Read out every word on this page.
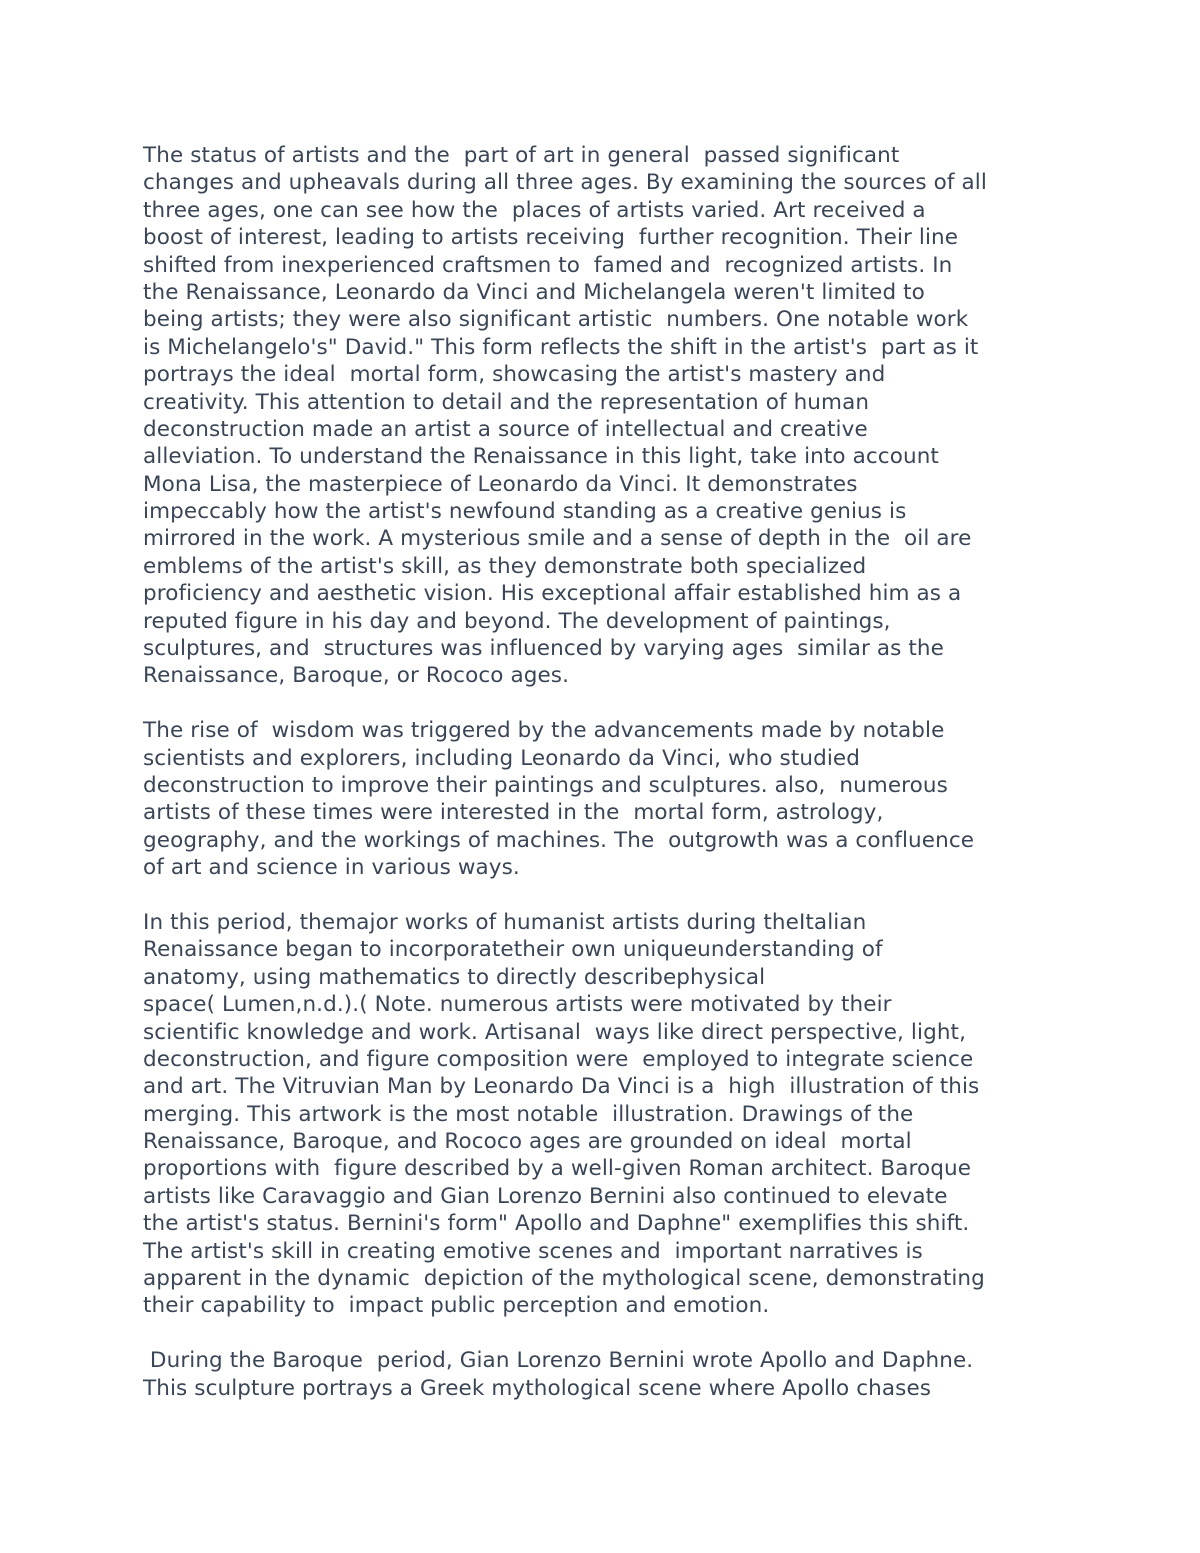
The status of artists and the  part of art in general  passed significant
changes and upheavals during all three ages. By examining the sources of all
three ages, one can see how the  places of artists varied. Art received a
boost of interest, leading to artists receiving  further recognition. Their line
shifted from inexperienced craftsmen to  famed and  recognized artists. In
the Renaissance, Leonardo da Vinci and Michelangela weren't limited to
being artists; they were also significant artistic  numbers. One notable work
is Michelangelo's" David." This form reflects the shift in the artist's  part as it
portrays the ideal  mortal form, showcasing the artist's mastery and
creativity. This attention to detail and the representation of human
deconstruction made an artist a source of intellectual and creative
alleviation. To understand the Renaissance in this light, take into account
Mona Lisa, the masterpiece of Leonardo da Vinci. It demonstrates
impeccably how the artist's newfound standing as a creative genius is
mirrored in the work. A mysterious smile and a sense of depth in the  oil are
emblems of the artist's skill, as they demonstrate both specialized
proficiency and aesthetic vision. His exceptional affair established him as a
reputed figure in his day and beyond. The development of paintings,
sculptures, and  structures was influenced by varying ages  similar as the
Renaissance, Baroque, or Rococo ages.
The rise of  wisdom was triggered by the advancements made by notable
scientists and explorers, including Leonardo da Vinci, who studied
deconstruction to improve their paintings and sculptures. also,  numerous
artists of these times were interested in the  mortal form, astrology,
geography, and the workings of machines. The  outgrowth was a confluence
of art and science in various ways.
In this period, themajor works of humanist artists during theItalian
Renaissance began to incorporatetheir own uniqueunderstanding of
anatomy, using mathematics to directly describephysical
space( Lumen,n.d.).( Note. numerous artists were motivated by their
scientific knowledge and work. Artisanal  ways like direct perspective, light,
deconstruction, and figure composition were  employed to integrate science
and art. The Vitruvian Man by Leonardo Da Vinci is a  high  illustration of this
merging. This artwork is the most notable  illustration. Drawings of the
Renaissance, Baroque, and Rococo ages are grounded on ideal  mortal
proportions with  figure described by a well-given Roman architect. Baroque
artists like Caravaggio and Gian Lorenzo Bernini also continued to elevate
the artist's status. Bernini's form" Apollo and Daphne" exemplifies this shift.
The artist's skill in creating emotive scenes and  important narratives is
apparent in the dynamic  depiction of the mythological scene, demonstrating
their capability to  impact public perception and emotion.
During the Baroque  period, Gian Lorenzo Bernini wrote Apollo and Daphne.
This sculpture portrays a Greek mythological scene where Apollo chases
